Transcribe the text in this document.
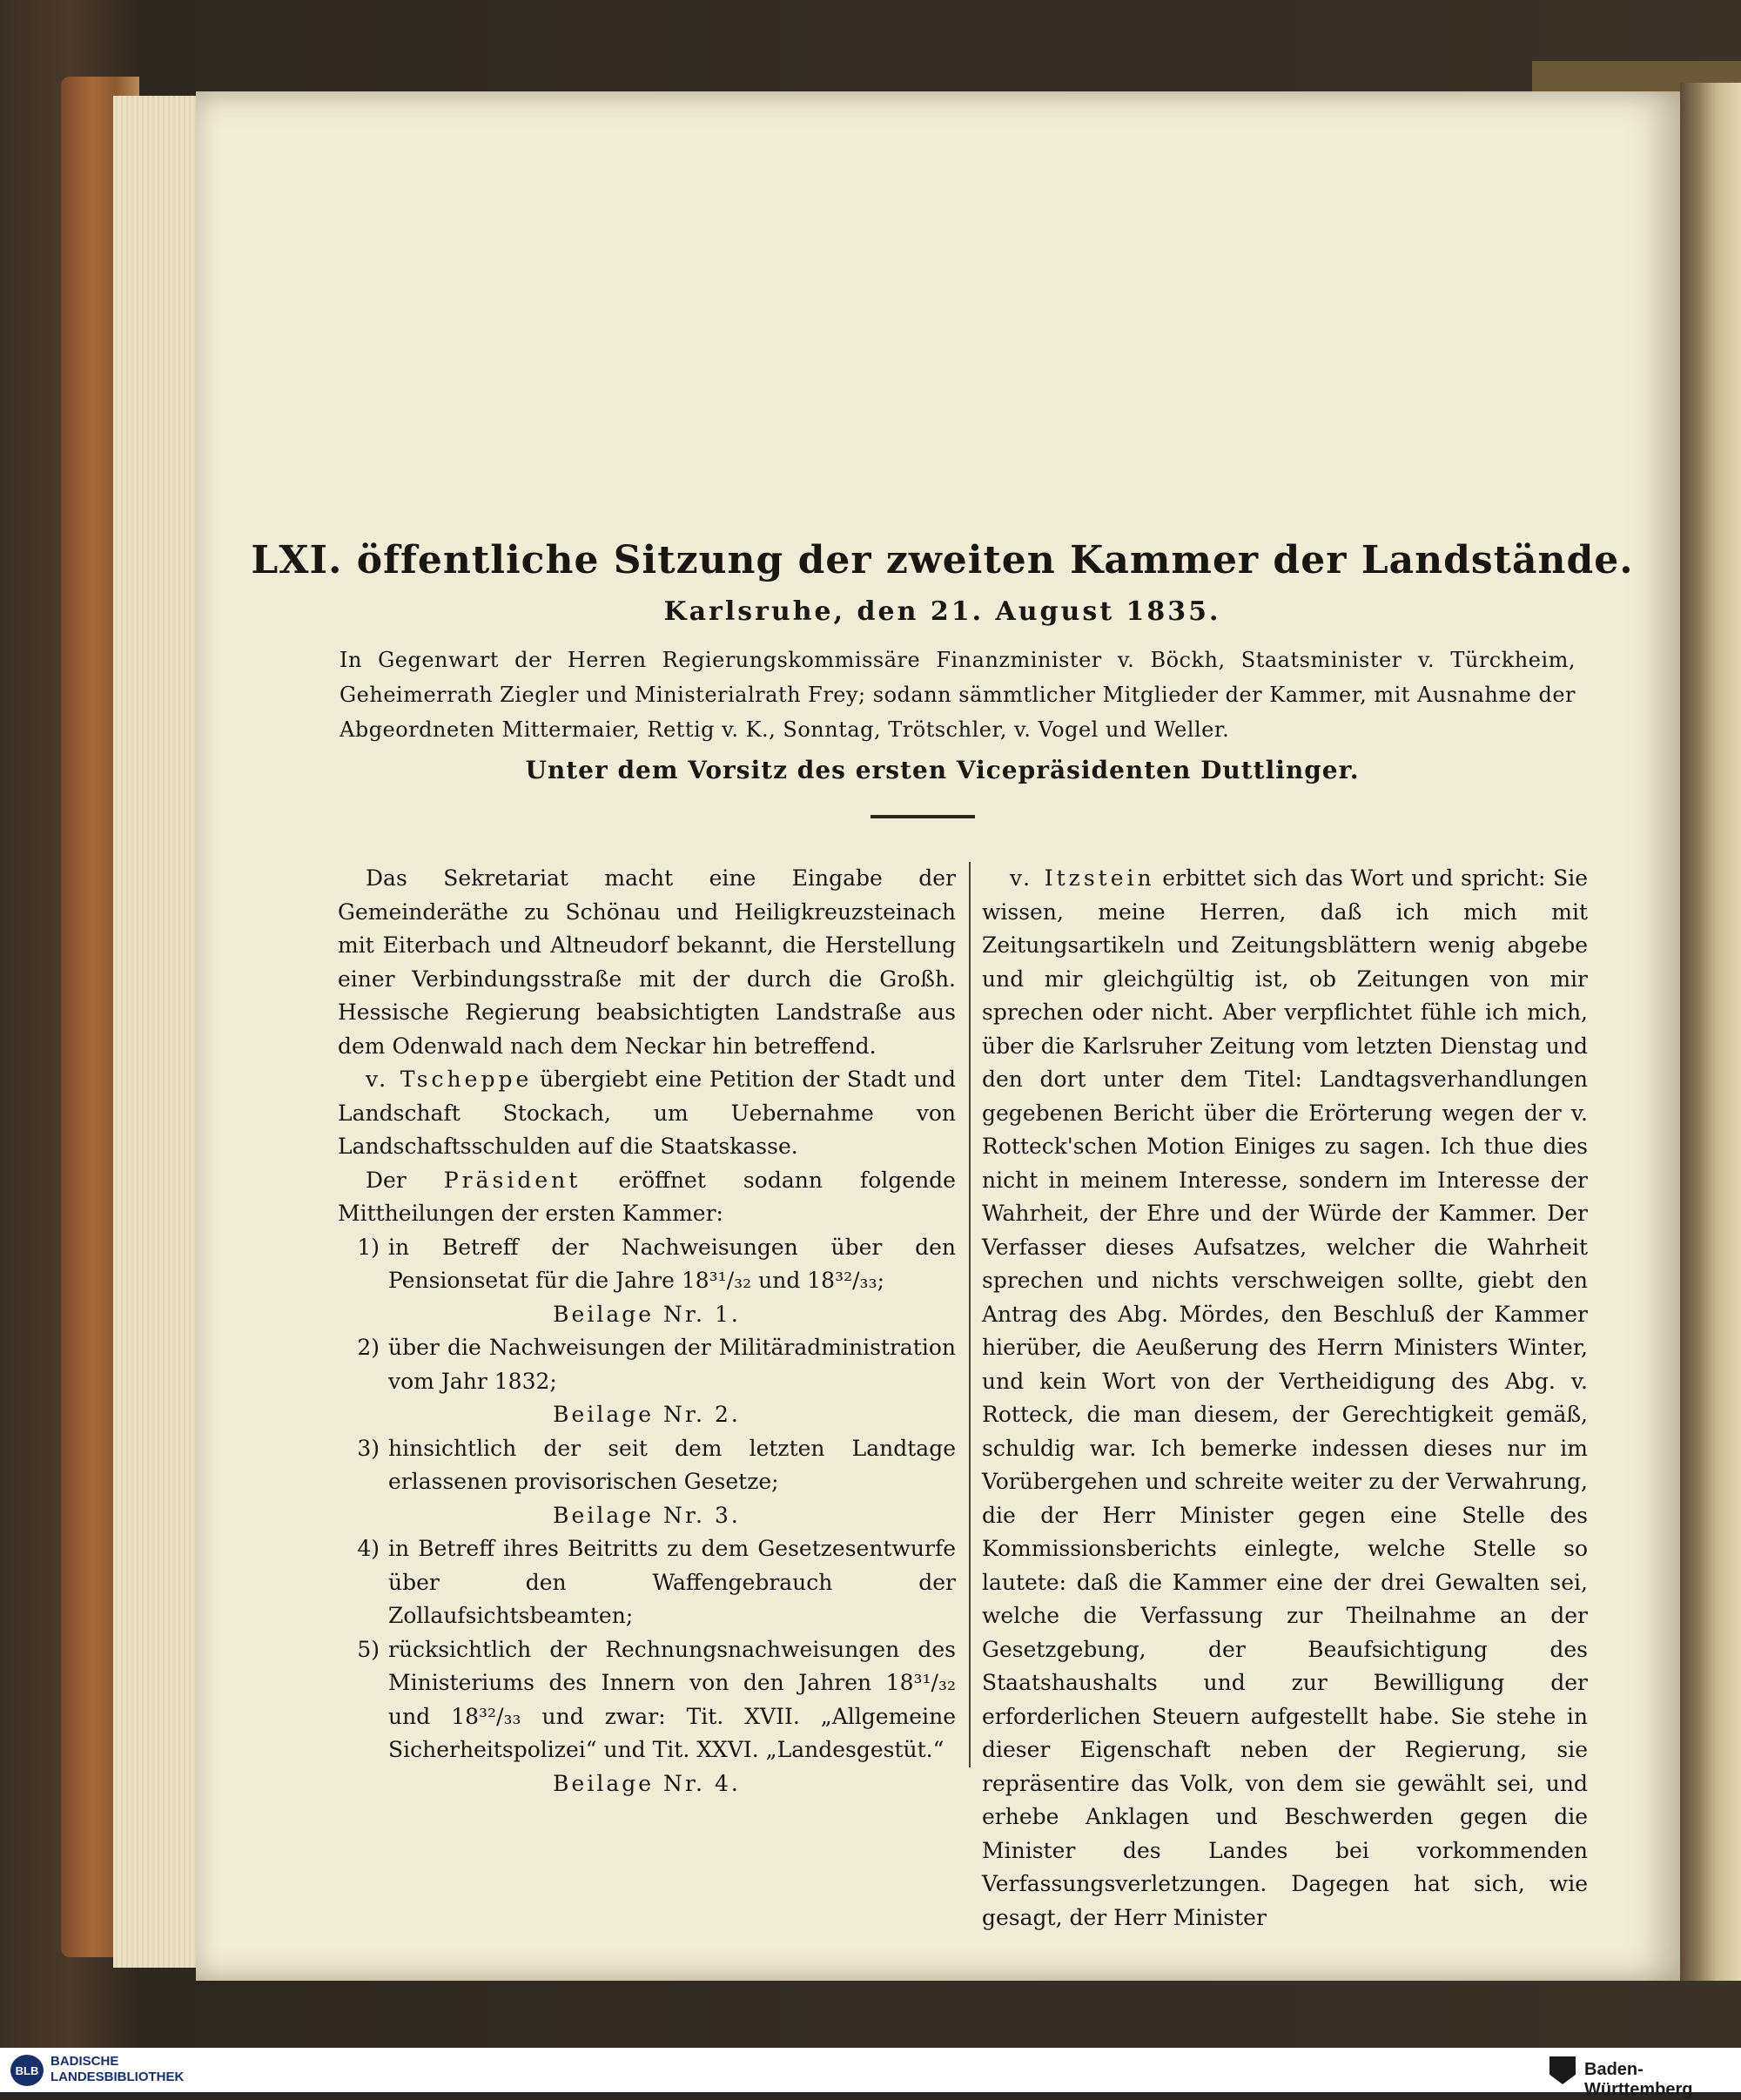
LXI. öffentliche Sitzung der zweiten Kammer der Landstände.
Karlsruhe, den 21. August 1835.
In Gegenwart der Herren Regierungskommissäre Finanzminister v. Böckh, Staatsminister v. Türckheim, Geheimerrath Ziegler und Ministerialrath Frey; sodann sämmtlicher Mitglieder der Kammer, mit Ausnahme der Abgeordneten Mittermaier, Rettig v. K., Sonntag, Trötschler, v. Vogel und Weller.
Unter dem Vorsitz des ersten Vicepräsidenten Duttlinger.

Das Sekretariat macht eine Eingabe der Gemeinderäthe zu Schönau und Heiligkreuzsteinach mit Eiterbach und Altneudorf bekannt, die Herstellung einer Verbindungsstraße mit der durch die Großh. Hessische Regierung beabsichtigten Landstraße aus dem Odenwald nach dem Neckar hin betreffend.

v. Tscheppe übergiebt eine Petition der Stadt und Landschaft Stockach, um Uebernahme von Landschaftsschulden auf die Staatskasse.

Der Präsident eröffnet sodann folgende Mittheilungen der ersten Kammer:

1) in Betreff der Nachweisungen über den Pensionsetat für die Jahre 18³¹/₃₂ und 18³²/₃₃;
Beilage Nr. 1.
2) über die Nachweisungen der Militäradministration vom Jahr 1832;
Beilage Nr. 2.
3) hinsichtlich der seit dem letzten Landtage erlassenen provisorischen Gesetze;
Beilage Nr. 3.
4) in Betreff ihres Beitritts zu dem Gesetzesentwurfe über den Waffengebrauch der Zollaufsichtsbeamten;
5) rücksichtlich der Rechnungsnachweisungen des Ministeriums des Innern von den Jahren 18³¹/₃₂ und 18³²/₃₃ und zwar: Tit. XVII. „Allgemeine Sicherheitspolizei“ und Tit. XXVI. „Landesgestüt.“
Beilage Nr. 4.

v. Itzstein erbittet sich das Wort und spricht: Sie wissen, meine Herren, daß ich mich mit Zeitungsartikeln und Zeitungsblättern wenig abgebe und mir gleichgültig ist, ob Zeitungen von mir sprechen oder nicht. Aber verpflichtet fühle ich mich, über die Karlsruher Zeitung vom letzten Dienstag und den dort unter dem Titel: Landtagsverhandlungen gegebenen Bericht über die Erörterung wegen der v. Rotteck'schen Motion Einiges zu sagen. Ich thue dies nicht in meinem Interesse, sondern im Interesse der Wahrheit, der Ehre und der Würde der Kammer. Der Verfasser dieses Aufsatzes, welcher die Wahrheit sprechen und nichts verschweigen sollte, giebt den Antrag des Abg. Mördes, den Beschluß der Kammer hierüber, die Aeußerung des Herrn Ministers Winter, und kein Wort von der Vertheidigung des Abg. v. Rotteck, die man diesem, der Gerechtigkeit gemäß, schuldig war. Ich bemerke indessen dieses nur im Vorübergehen und schreite weiter zu der Verwahrung, die der Herr Minister gegen eine Stelle des Kommissionsberichts einlegte, welche Stelle so lautete: daß die Kammer eine der drei Gewalten sei, welche die Verfassung zur Theilnahme an der Gesetzgebung, der Beaufsichtigung des Staatshaushalts und zur Bewilligung der erforderlichen Steuern aufgestellt habe. Sie stehe in dieser Eigenschaft neben der Regierung, sie repräsentire das Volk, von dem sie gewählt sei, und erhebe Anklagen und Beschwerden gegen die Minister des Landes bei vorkommenden Verfassungsverletzungen. Dagegen hat sich, wie gesagt, der Herr Minister

BLB
BADISCHE
LANDESBIBLIOTHEK	Baden-Württemberg
